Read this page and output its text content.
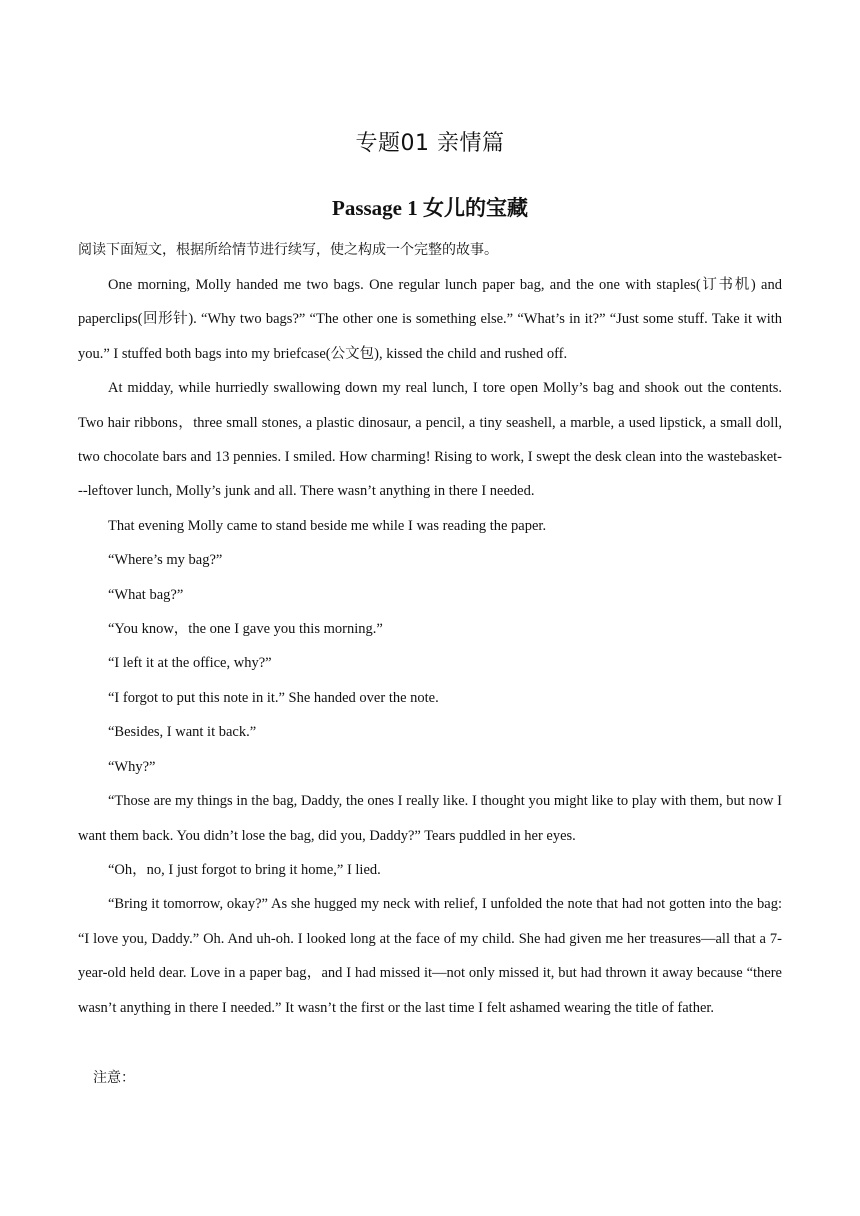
专题01 亲情篇
Passage 1 女儿的宝藏
阅读下面短文，根据所给情节进行续写，使之构成一个完整的故事。

One morning, Molly handed me two bags. One regular lunch paper bag, and the one with staples(订书机) and paperclips(回形针). “Why two bags?” “The other one is something else.” “What’s in it?” “Just some stuff. Take it with you.” I stuffed both bags into my briefcase(公文包), kissed the child and rushed off.

At midday, while hurriedly swallowing down my real lunch, I tore open Molly’s bag and shook out the contents. Two hair ribbons，three small stones, a plastic dinosaur, a pencil, a tiny seashell, a marble, a used lipstick, a small doll, two chocolate bars and 13 pennies. I smiled. How charming! Rising to work, I swept the desk clean into the wastebasket---leftover lunch, Molly’s junk and all. There wasn’t anything in there I needed.

That evening Molly came to stand beside me while I was reading the paper.

“Where’s my bag?”

“What bag?”

“You know，the one I gave you this morning.”

“I left it at the office, why?”

“I forgot to put this note in it.” She handed over the note.

“Besides, I want it back.”

“Why?”

“Those are my things in the bag, Daddy, the ones I really like. I thought you might like to play with them, but now I want them back. You didn’t lose the bag, did you, Daddy?” Tears puddled in her eyes.

“Oh，no, I just forgot to bring it home,” I lied.

“Bring it tomorrow, okay?” As she hugged my neck with relief, I unfolded the note that had not gotten into the bag: “I love you, Daddy.” Oh. And uh-oh. I looked long at the face of my child. She had given me her treasures—all that a 7-year-old held dear. Love in a paper bag，and I had missed it—not only missed it, but had thrown it away because “there wasn’t anything in there I needed.” It wasn’t the first or the last time I felt ashamed wearing the title of father.

注意：
